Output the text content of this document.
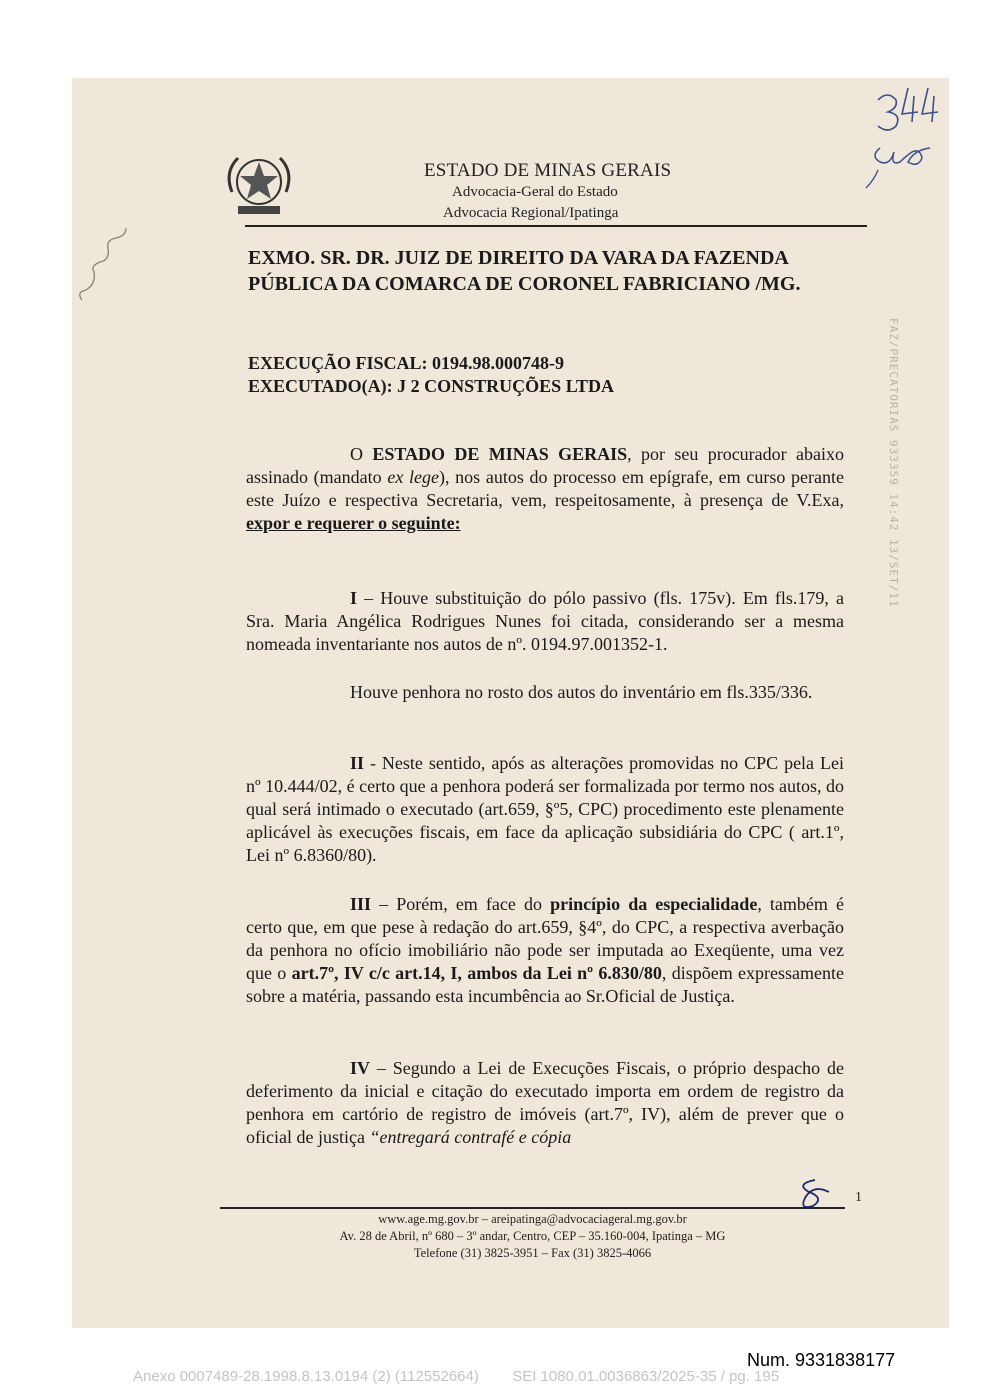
ESTADO DE MINAS GERAIS
Advocacia-Geral do Estado
Advocacia Regional/Ipatinga
EXMO. SR. DR. JUIZ DE DIREITO DA VARA DA FAZENDA
PÚBLICA DA COMARCA DE CORONEL FABRICIANO /MG.
EXECUÇÃO FISCAL: 0194.98.000748-9
EXECUTADO(A): J 2 CONSTRUÇÕES LTDA

O ESTADO DE MINAS GERAIS, por seu procurador abaixo assinado (mandato ex lege), nos autos do processo em epígrafe, em curso perante este Juízo e respectiva Secretaria, vem, respeitosamente, à presença de V.Exa, expor e requerer o seguinte:

I – Houve substituição do pólo passivo (fls. 175v). Em fls.179, a Sra. Maria Angélica Rodrigues Nunes foi citada, considerando ser a mesma nomeada inventariante nos autos de nº. 0194.97.001352-1.

Houve penhora no rosto dos autos do inventário em fls.335/336.

II - Neste sentido, após as alterações promovidas no CPC pela Lei nº 10.444/02, é certo que a penhora poderá ser formalizada por termo nos autos, do qual será intimado o executado (art.659, §º5, CPC) procedimento este plenamente aplicável às execuções fiscais, em face da aplicação subsidiária do CPC ( art.1º, Lei nº 6.8360/80).

III – Porém, em face do princípio da especialidade, também é certo que, em que pese à redação do art.659, §4º, do CPC, a respectiva averbação da penhora no ofício imobiliário não pode ser imputada ao Exeqüente, uma vez que o art.7º, IV c/c art.14, I, ambos da Lei nº 6.830/80, dispõem expressamente sobre a matéria, passando esta incumbência ao Sr.Oficial de Justiça.

IV – Segundo a Lei de Execuções Fiscais, o próprio despacho de deferimento da inicial e citação do executado importa em ordem de registro da penhora em cartório de registro de imóveis (art.7º, IV), além de prever que o oficial de justiça “entregará contrafé e cópia

1
www.age.mg.gov.br – areipatinga@advocaciageral.mg.gov.br
Av. 28 de Abril, nº 680 – 3º andar, Centro, CEP – 35.160-004, Ipatinga – MG
Telefone (31) 3825-3951 – Fax (31) 3825-4066
FAZ/PRECATORIAS 933359 14:42 13/SET/11
Num. 9331838177
Anexo 0007489-28.1998.8.13.0194 (2) (112552664) SEI 1080.01.0036863/2025-35 / pg. 195
